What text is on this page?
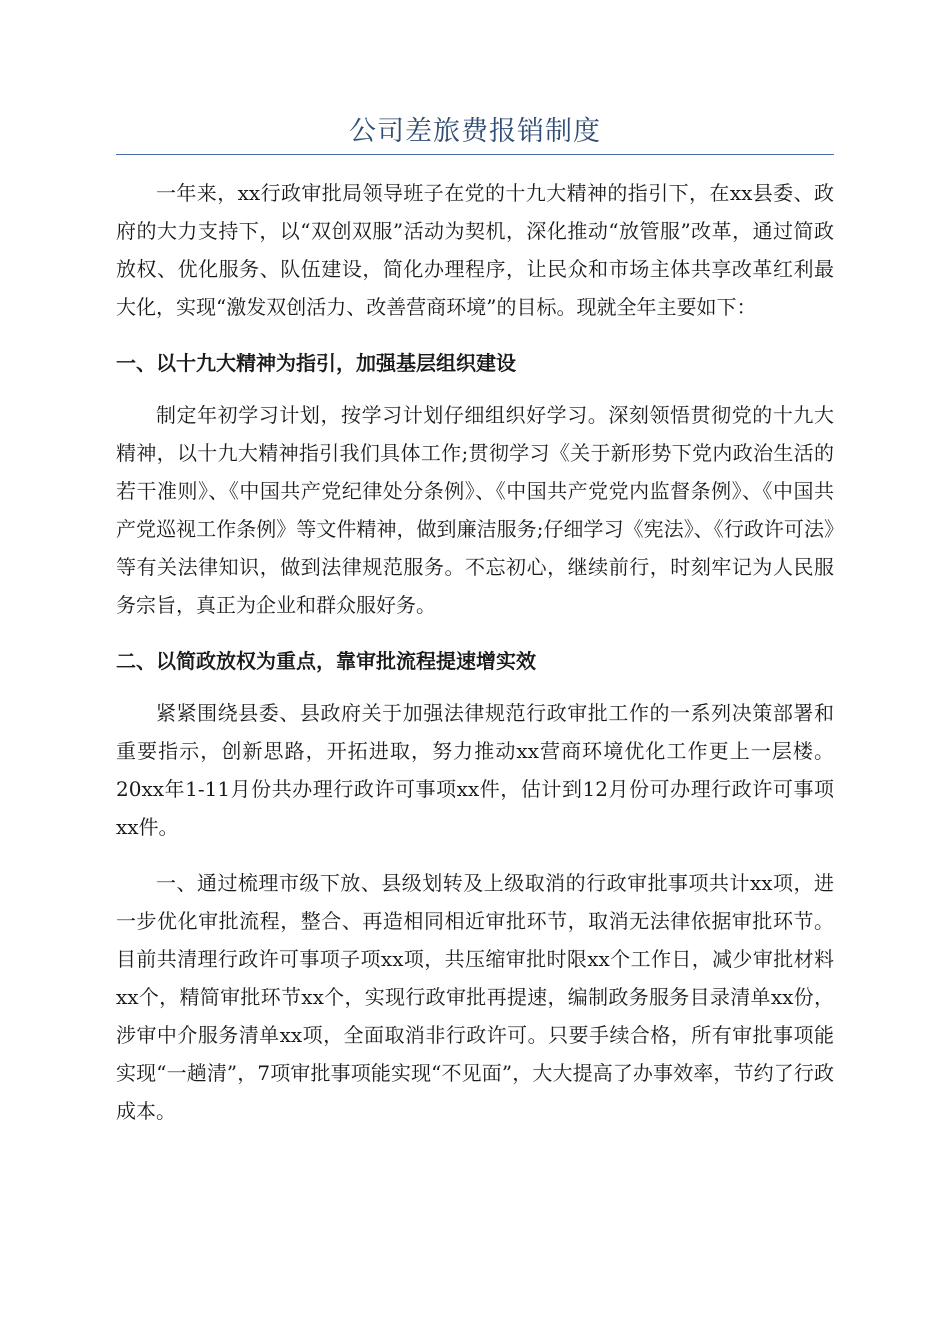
公司差旅费报销制度

一年来，xx行政审批局领导班子在党的十九大精神的指引下，在xx县委、政府的大力支持下，以“双创双服”活动为契机，深化推动“放管服”改革，通过简政放权、优化服务、队伍建设，简化办理程序，让民众和市场主体共享改革红利最大化，实现“激发双创活力、改善营商环境”的目标。现就全年主要如下：

一、以十九大精神为指引，加强基层组织建设

制定年初学习计划，按学习计划仔细组织好学习。深刻领悟贯彻党的十九大精神，以十九大精神指引我们具体工作;贯彻学习《关于新形势下党内政治生活的若干准则》、《中国共产党纪律处分条例》、《中国共产党党内监督条例》、《中国共产党巡视工作条例》等文件精神，做到廉洁服务;仔细学习《宪法》、《行政许可法》等有关法律知识，做到法律规范服务。不忘初心，继续前行，时刻牢记为人民服务宗旨，真正为企业和群众服好务。

二、以简政放权为重点，靠审批流程提速增实效

紧紧围绕县委、县政府关于加强法律规范行政审批工作的一系列决策部署和重要指示，创新思路，开拓进取，努力推动xx营商环境优化工作更上一层楼。20xx年1-11月份共办理行政许可事项xx件，估计到12月份可办理行政许可事项xx件。

一、通过梳理市级下放、县级划转及上级取消的行政审批事项共计xx项，进一步优化审批流程，整合、再造相同相近审批环节，取消无法律依据审批环节。目前共清理行政许可事项子项xx项，共压缩审批时限xx个工作日，减少审批材料xx个，精简审批环节xx个，实现行政审批再提速，编制政务服务目录清单xx份，涉审中介服务清单xx项，全面取消非行政许可。只要手续合格，所有审批事项能实现“一趟清”，7项审批事项能实现“不见面”，大大提高了办事效率，节约了行政成本。
